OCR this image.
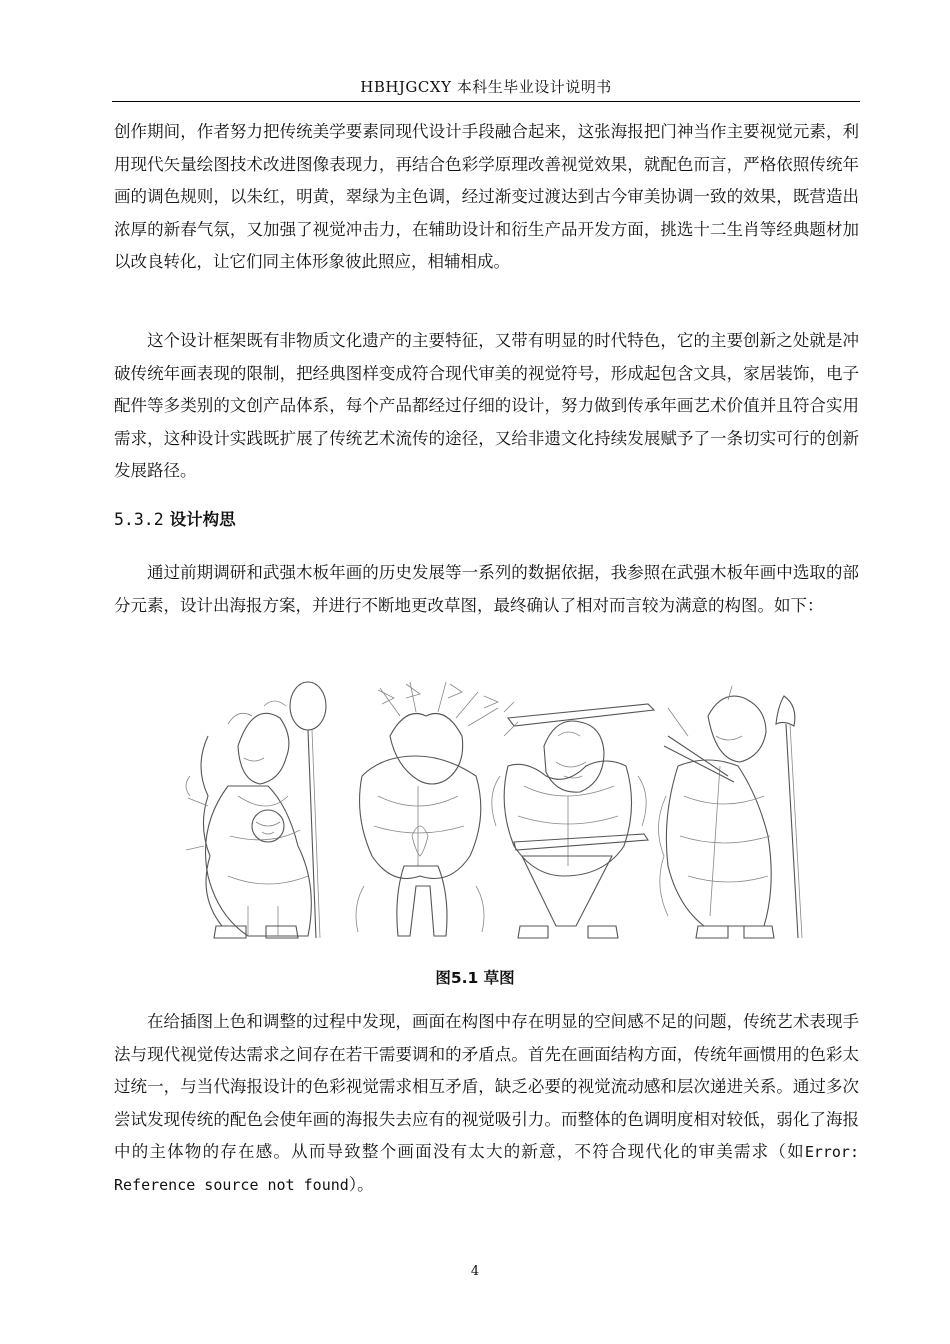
HBHJGCXY 本科生毕业设计说明书
创作期间，作者努力把传统美学要素同现代设计手段融合起来，这张海报把门神当作主要视觉元素，利用现代矢量绘图技术改进图像表现力，再结合色彩学原理改善视觉效果，就配色而言，严格依照传统年画的调色规则，以朱红，明黄，翠绿为主色调，经过渐变过渡达到古今审美协调一致的效果，既营造出浓厚的新春气氛，又加强了视觉冲击力，在辅助设计和衍生产品开发方面，挑选十二生肖等经典题材加以改良转化，让它们同主体形象彼此照应，相辅相成。
这个设计框架既有非物质文化遗产的主要特征，又带有明显的时代特色，它的主要创新之处就是冲破传统年画表现的限制，把经典图样变成符合现代审美的视觉符号，形成起包含文具，家居装饰，电子配件等多类别的文创产品体系，每个产品都经过仔细的设计，努力做到传承年画艺术价值并且符合实用需求，这种设计实践既扩展了传统艺术流传的途径，又给非遗文化持续发展赋予了一条切实可行的创新发展路径。
5.3.2 设计构思
通过前期调研和武强木板年画的历史发展等一系列的数据依据，我参照在武强木板年画中选取的部分元素，设计出海报方案，并进行不断地更改草图，最终确认了相对而言较为满意的构图。如下：
图5.1 草图
在给插图上色和调整的过程中发现，画面在构图中存在明显的空间感不足的问题，传统艺术表现手法与现代视觉传达需求之间存在若干需要调和的矛盾点。首先在画面结构方面，传统年画惯用的色彩太过统一，与当代海报设计的色彩视觉需求相互矛盾，缺乏必要的视觉流动感和层次递进关系。通过多次尝试发现传统的配色会使年画的海报失去应有的视觉吸引力。而整体的色调明度相对较低，弱化了海报中的主体物的存在感。从而导致整个画面没有太大的新意，不符合现代化的审美需求（如Error: Reference source not found）。
4
